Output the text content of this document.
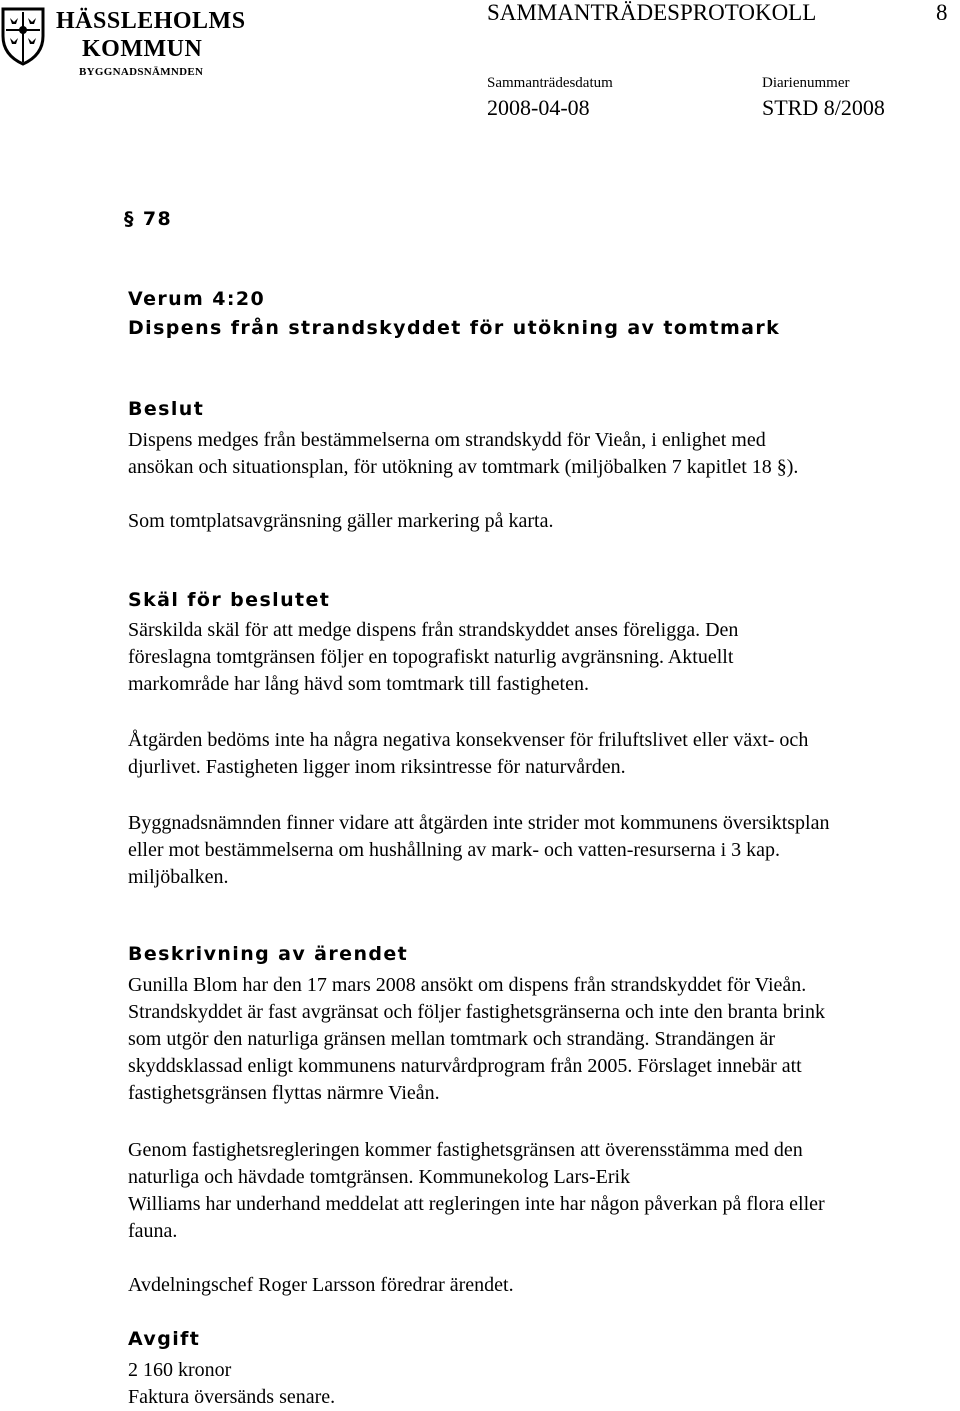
HÄSSLEHOLMS
KOMMUN
BYGGNADSNÄMNDEN
SAMMANTRÄDESPROTOKOLL	8
Sammanträdesdatum	Diarienummer
2008-04-08	STRD 8/2008
§ 78
Verum 4:20
Dispens från strandskyddet för utökning av tomtmark
Beslut
Dispens medges från bestämmelserna om strandskydd för Vieån, i enlighet med
ansökan och situationsplan, för utökning av tomtmark (miljöbalken 7 kapitlet 18 §).
Som tomtplatsavgränsning gäller markering på karta.
Skäl för beslutet
Särskilda skäl för att medge dispens från strandskyddet anses föreligga. Den
föreslagna tomtgränsen följer en topografiskt naturlig avgränsning. Aktuellt
markområde har lång hävd som tomtmark till fastigheten.
Åtgärden bedöms inte ha några negativa konsekvenser för friluftslivet eller växt- och
djurlivet. Fastigheten ligger inom riksintresse för naturvården.
Byggnadsnämnden finner vidare att åtgärden inte strider mot kommunens översiktsplan
eller mot bestämmelserna om hushållning av mark- och vatten-resurserna i 3 kap.
miljöbalken.
Beskrivning av ärendet
Gunilla Blom har den 17 mars 2008 ansökt om dispens från strandskyddet för Vieån.
Strandskyddet är fast avgränsat och följer fastighetsgränserna och inte den branta brink
som utgör den naturliga gränsen mellan tomtmark och strandäng. Strandängen är
skyddsklassad enligt kommunens naturvårdprogram från 2005. Förslaget innebär att
fastighetsgränsen flyttas närmre Vieån.
Genom fastighetsregleringen kommer fastighetsgränsen att överensstämma med den
naturliga och hävdade tomtgränsen. Kommunekolog Lars-Erik
Williams har underhand meddelat att regleringen inte har någon påverkan på flora eller
fauna.
Avdelningschef Roger Larsson föredrar ärendet.
Avgift
2 160 kronor
Faktura översänds senare.
